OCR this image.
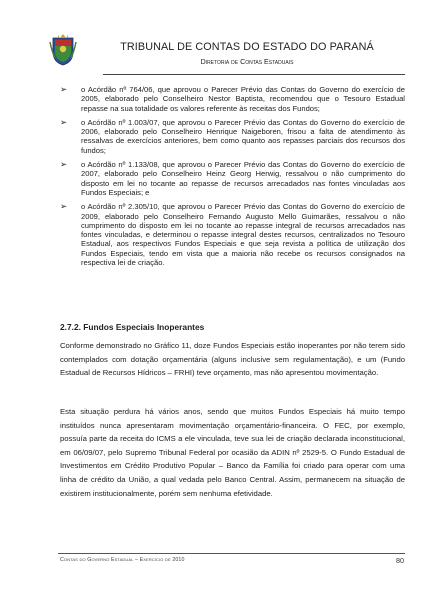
TRIBUNAL DE CONTAS DO ESTADO DO PARANÁ
Diretoria de Contas Estaduais
➢ o Acórdão nº 764/06, que aprovou o Parecer Prévio das Contas do Governo do exercício de 2005, elaborado pelo Conselheiro Nestor Baptista, recomendou que o Tesouro Estadual repasse na sua totalidade os valores referente às receitas dos Fundos;
➢ o Acórdão nº 1.003/07, que aprovou o Parecer Prévio das Contas do Governo do exercício de 2006, elaborado pelo Conselheiro Henrique Naigeboren, frisou a falta de atendimento às ressalvas de exercícios anteriores, bem como quanto aos repasses parciais dos recursos dos fundos;
➢ o Acórdão nº 1.133/08, que aprovou o Parecer Prévio das Contas do Governo do exercício de 2007, elaborado pelo Conselheiro Heinz Georg Herwig, ressalvou o não cumprimento do disposto em lei no tocante ao repasse de recursos arrecadados nas fontes vinculadas aos Fundos Especiais; e
➢ o Acórdão nº 2.305/10, que aprovou o Parecer Prévio das Contas do Governo do exercício de 2009, elaborado pelo Conselheiro Fernando Augusto Mello Guimarães, ressalvou o não cumprimento do disposto em lei no tocante ao repasse integral de recursos arrecadados nas fontes vinculadas, e determinou o repasse integral destes recursos, centralizados no Tesouro Estadual, aos respectivos Fundos Especiais e que seja revista a política de utilização dos Fundos Especiais, tendo em vista que a maioria não recebe os recursos consignados na respectiva lei de criação.
2.7.2. Fundos Especiais Inoperantes
Conforme demonstrado no Gráfico 11, doze Fundos Especiais estão inoperantes por não terem sido contemplados com dotação orçamentária (alguns inclusive sem regulamentação), e um (Fundo Estadual de Recursos Hídricos – FRHI) teve orçamento, mas não apresentou movimentação.
Esta situação perdura há vários anos, sendo que muitos Fundos Especiais há muito tempo instituídos nunca apresentaram movimentação orçamentário-financeira. O FEC, por exemplo, possuía parte da receita do ICMS a ele vinculada, teve sua lei de criação declarada inconstitucional, em 06/09/07, pelo Supremo Tribunal Federal por ocasião da ADIN nº 2529-5. O Fundo Estadual de Investimentos em Crédito Produtivo Popular – Banco da Família foi criado para operar com uma linha de crédito da União, a qual vedada pelo Banco Central. Assim, permanecem na situação de existirem institucionalmente, porém sem nenhuma efetividade.
Contas do Governo Estadual – Exercício de 2010	80
